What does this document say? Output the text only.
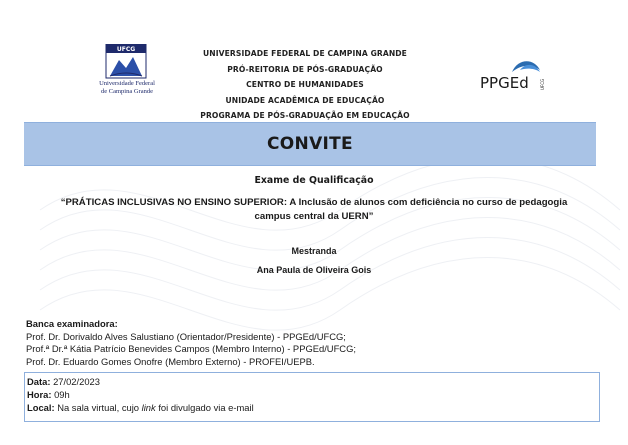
UFCG
Universidade Federal
de Campina Grande
UNIVERSIDADE FEDERAL DE CAMPINA GRANDE
PRÓ-REITORIA DE PÓS-GRADUAÇÃO
CENTRO DE HUMANIDADES
UNIDADE ACADÊMICA DE EDUCAÇÃO
PROGRAMA DE PÓS-GRADUAÇÃO EM EDUCAÇÃO
PPGEd	UFCG
CONVITE
Exame de Qualificação
“PRÁTICAS INCLUSIVAS NO ENSINO SUPERIOR: A Inclusão de alunos com deficiência no curso de pedagogia
campus central da UERN”
Mestranda
Ana Paula de Oliveira Gois
Banca examinadora:
Prof. Dr. Dorivaldo Alves Salustiano (Orientador/Presidente) - PPGEd/UFCG;
Prof.ª Dr.ª Kátia Patrício Benevides Campos (Membro Interno) - PPGEd/UFCG;
Prof. Dr. Eduardo Gomes Onofre (Membro Externo) - PROFEI/UEPB.
Data: 27/02/2023
Hora: 09h
Local: Na sala virtual, cujo link foi divulgado via e-mail
